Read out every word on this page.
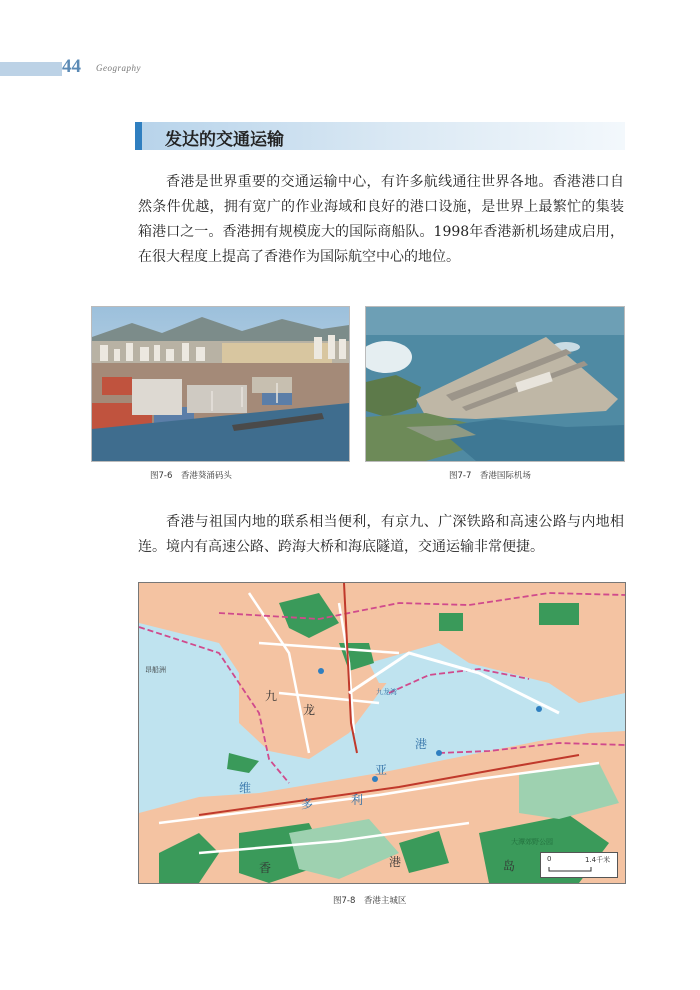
44 Geography
发达的交通运输

香港是世界重要的交通运输中心，有许多航线通往世界各地。香港港口自然条件优越，拥有宽广的作业海域和良好的港口设施，是世界上最繁忙的集装箱港口之一。香港拥有规模庞大的国际商船队。1998年香港新机场建成启用，在很大程度上提高了香港作为国际航空中心的地位。

图7-6　香港葵涌码头	图7-7　香港国际机场

香港与祖国内地的联系相当便利，有京九、广深铁路和高速公路与内地相连。境内有高速公路、跨海大桥和海底隧道，交通运输非常便捷。

昂船洲
九
龙
九龙湾
港
维
多	利
亚
香	港	岛
大潭郊野公园
0	1.4千米
图7-8　香港主城区
